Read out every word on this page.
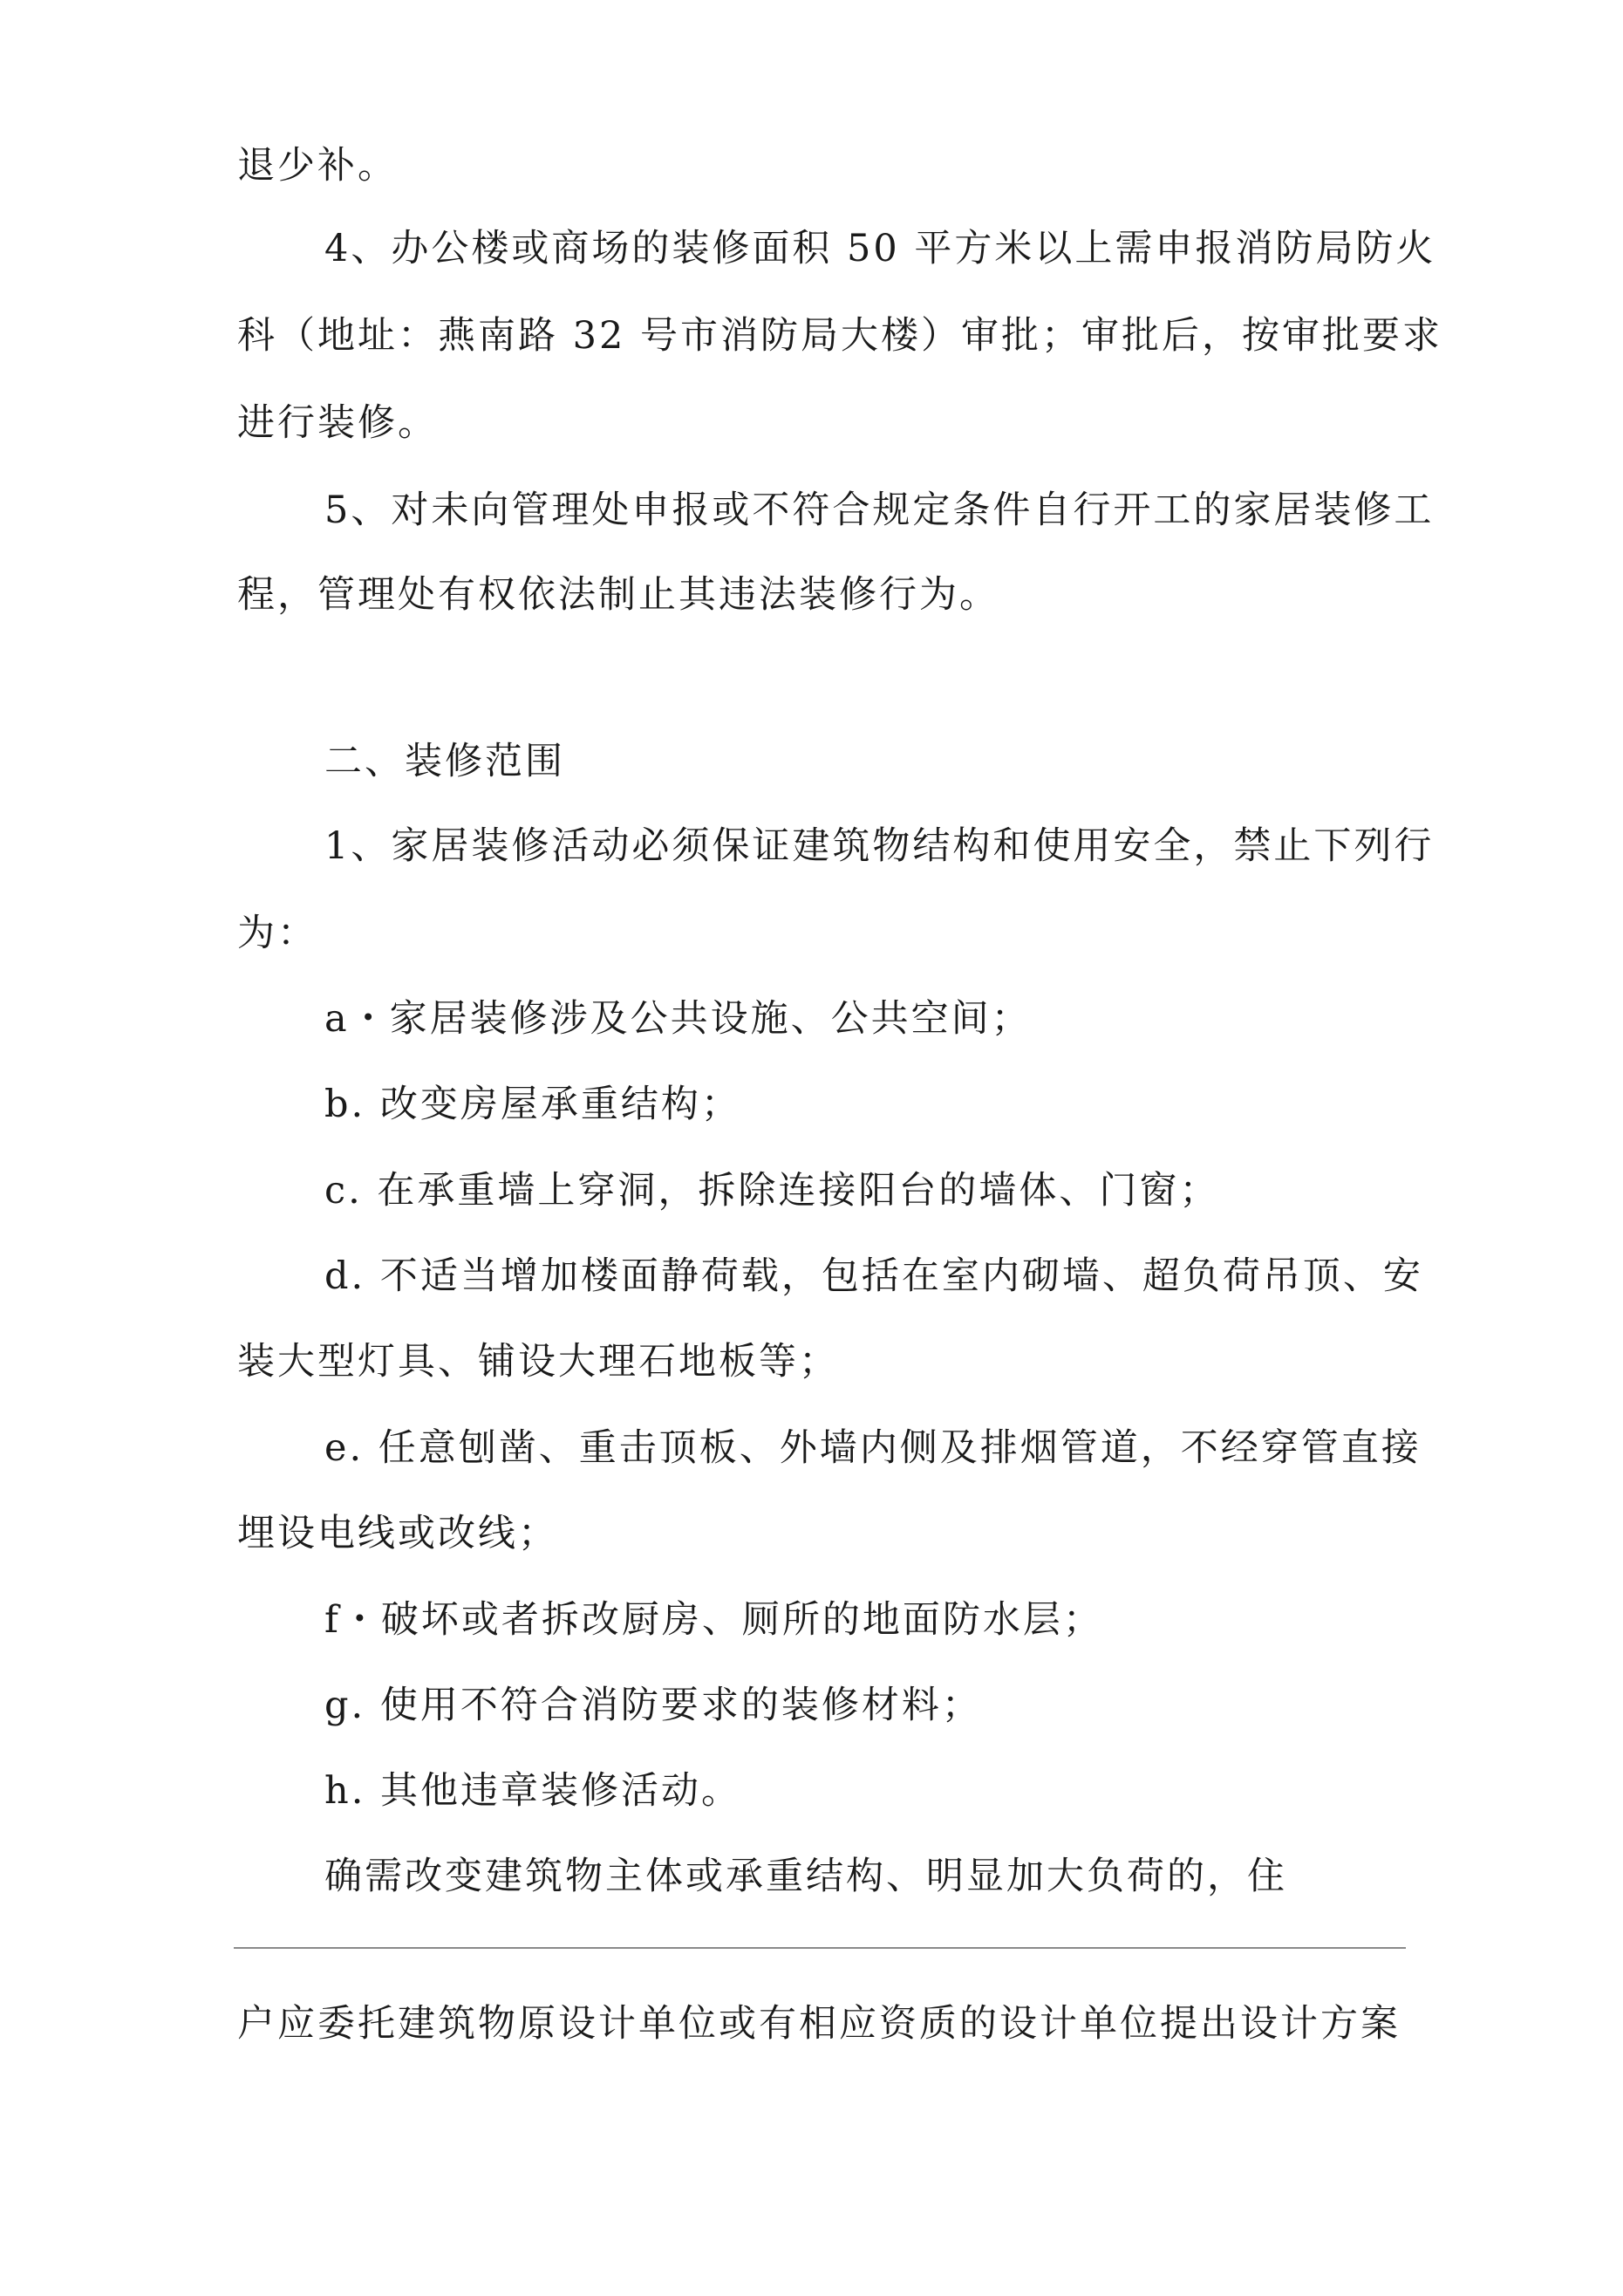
退少补。
4、办公楼或商场的装修面积 50 平方米以上需申报消防局防火
科（地址：燕南路 32 号市消防局大楼）审批；审批后，按审批要求
进行装修。
5、对未向管理处申报或不符合规定条件自行开工的家居装修工
程，管理处有权依法制止其违法装修行为。
二、装修范围
1、家居装修活动必须保证建筑物结构和使用安全，禁止下列行
为：
a・家居装修涉及公共设施、公共空间；
b. 改变房屋承重结构；
c. 在承重墙上穿洞，拆除连接阳台的墙体、门窗；
d. 不适当增加楼面静荷载，包括在室内砌墙、超负荷吊顶、安
装大型灯具、铺设大理石地板等；
e. 任意刨凿、重击顶板、外墙内侧及排烟管道，不经穿管直接
埋设电线或改线；
f・破坏或者拆改厨房、厕所的地面防水层；
g. 使用不符合消防要求的装修材料；
h. 其他违章装修活动。
确需改变建筑物主体或承重结构、明显加大负荷的，住
户应委托建筑物原设计单位或有相应资质的设计单位提出设计方案
